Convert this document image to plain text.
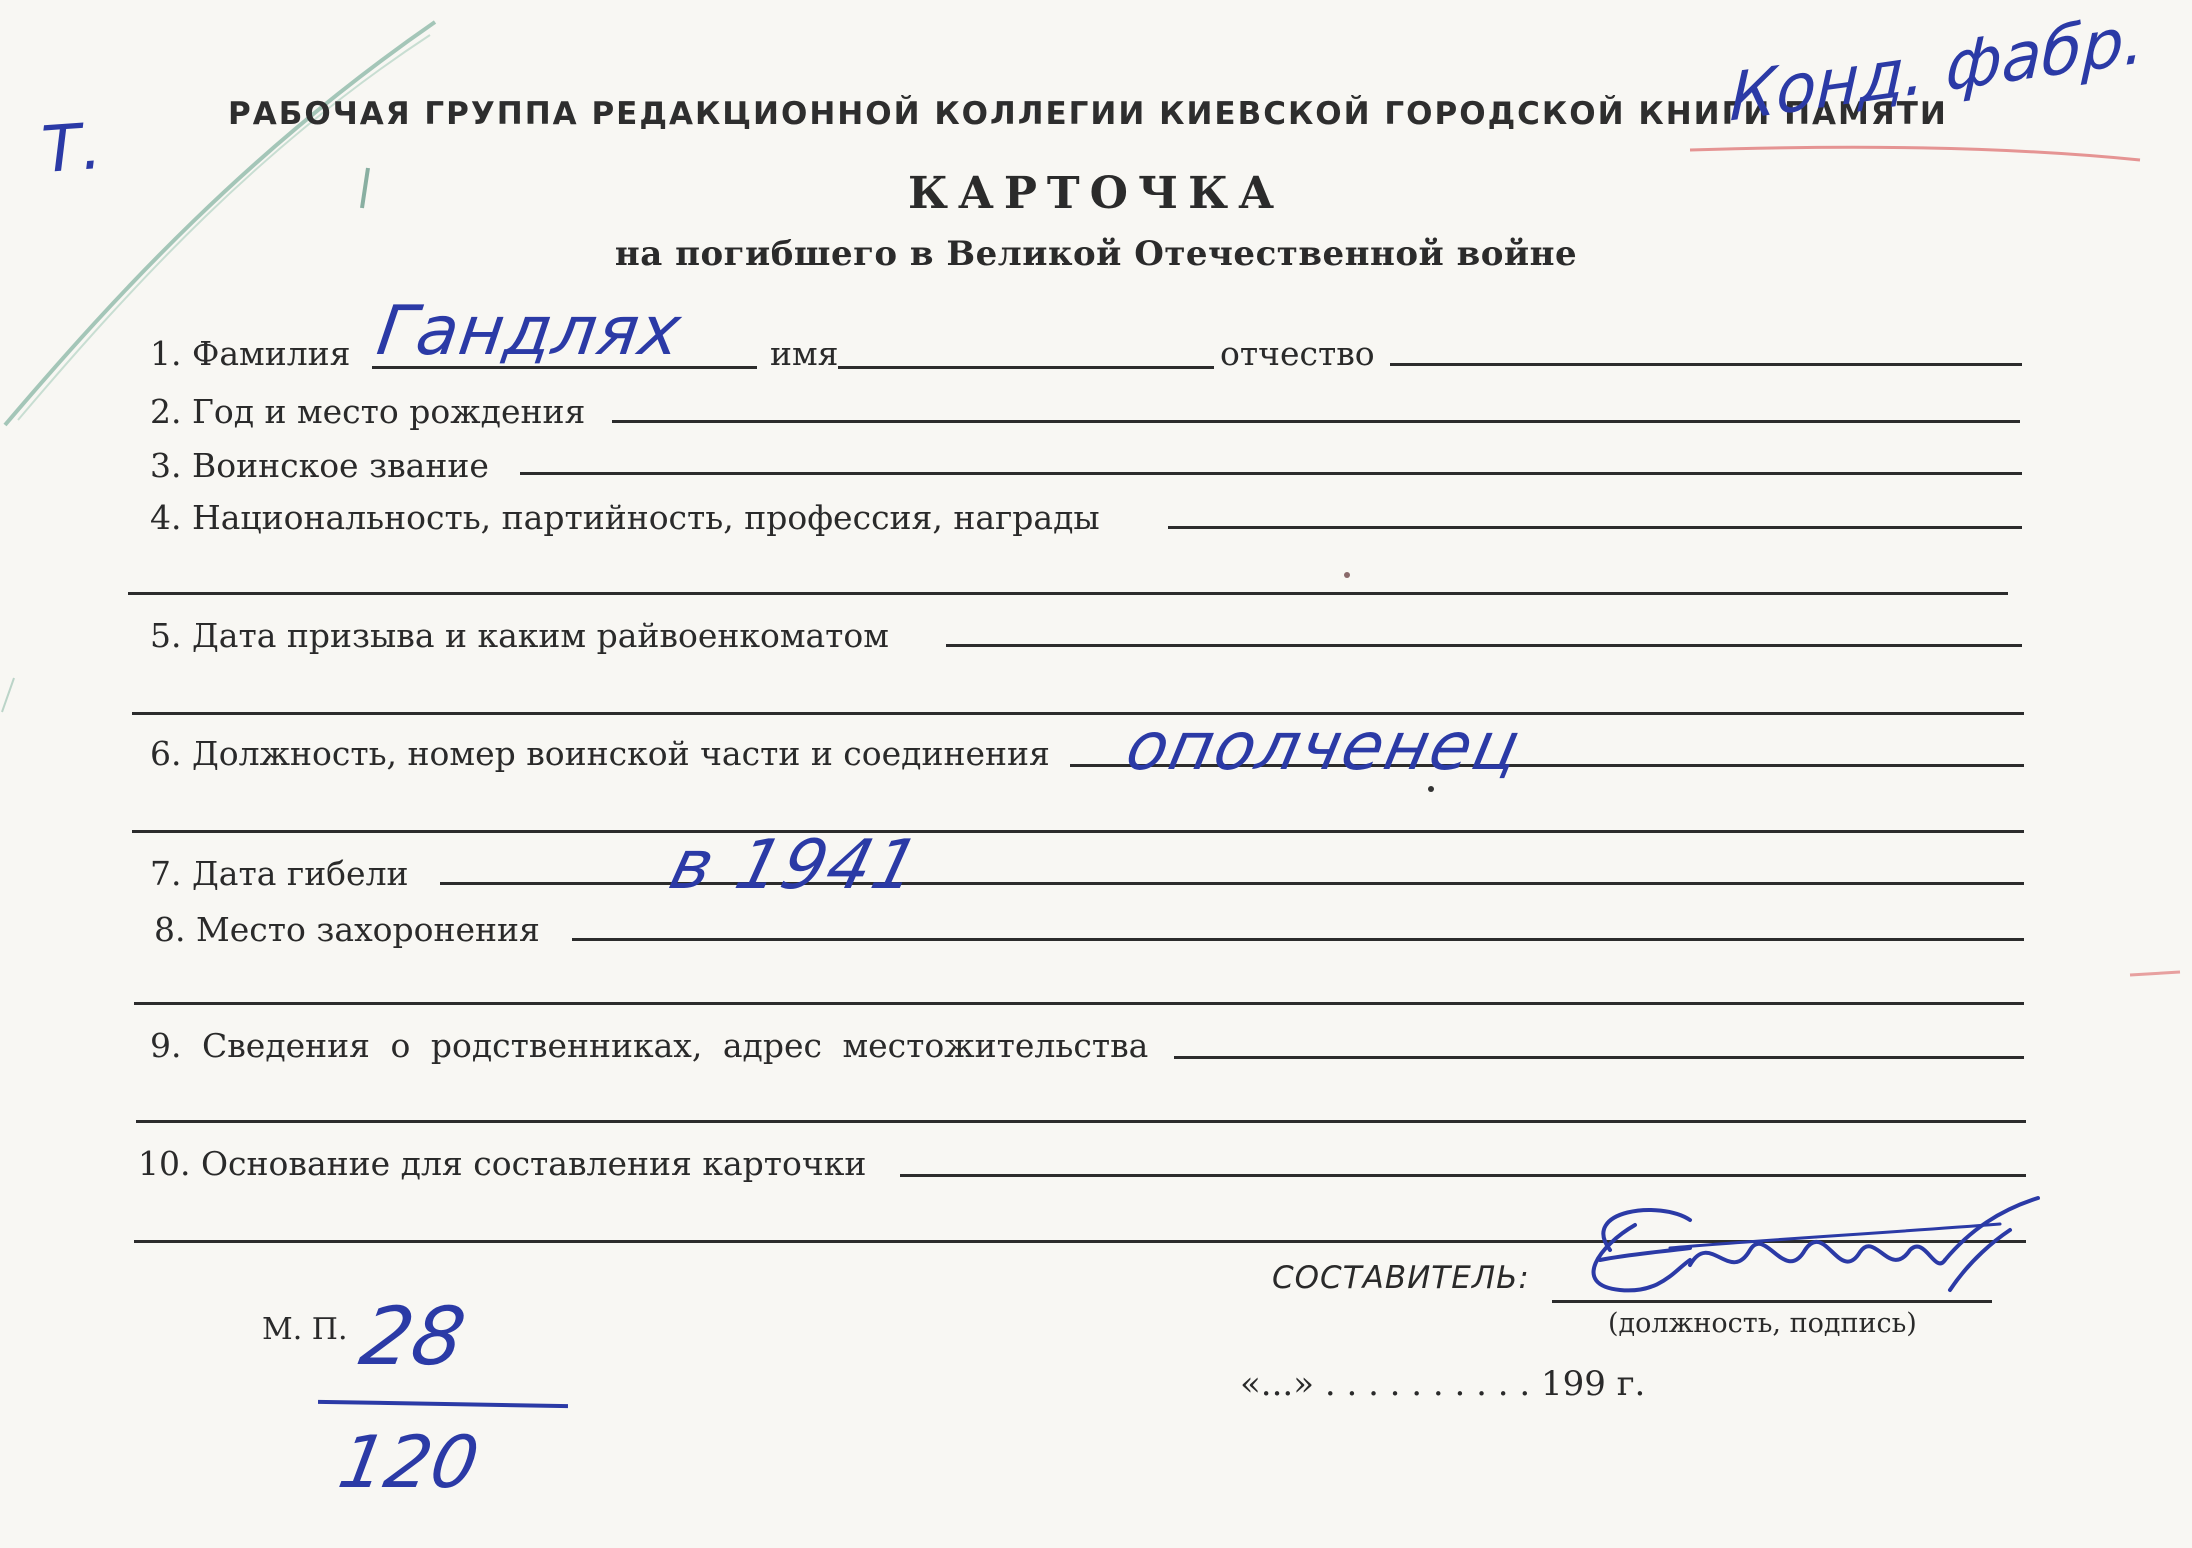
РАБОЧАЯ ГРУППА РЕДАКЦИОННОЙ КОЛЛЕГИИ КИЕВСКОЙ ГОРОДСКОЙ КНИГИ ПАМЯТИ
КАРТОЧКА
на погибшего в Великой Отечественной войне
Конд. фабр.
Т.
1. Фамилия Гандлях	имя	отчество
2. Год и место рождения
3. Воинское звание
4. Национальность, партийность, профессия, награды
5. Дата призыва и каким райвоенкоматом
6. Должность, номер воинской части и соединения ополченец
7. Дата гибели	в 1941
8. Место захоронения
9. Сведения о родственниках, адрес местожительства
10. Основание для составления карточки
СОСТАВИТЕЛЬ:
(должность, подпись)
М. П. 28
120
«...» . . . . . . . . . . 199 г.
